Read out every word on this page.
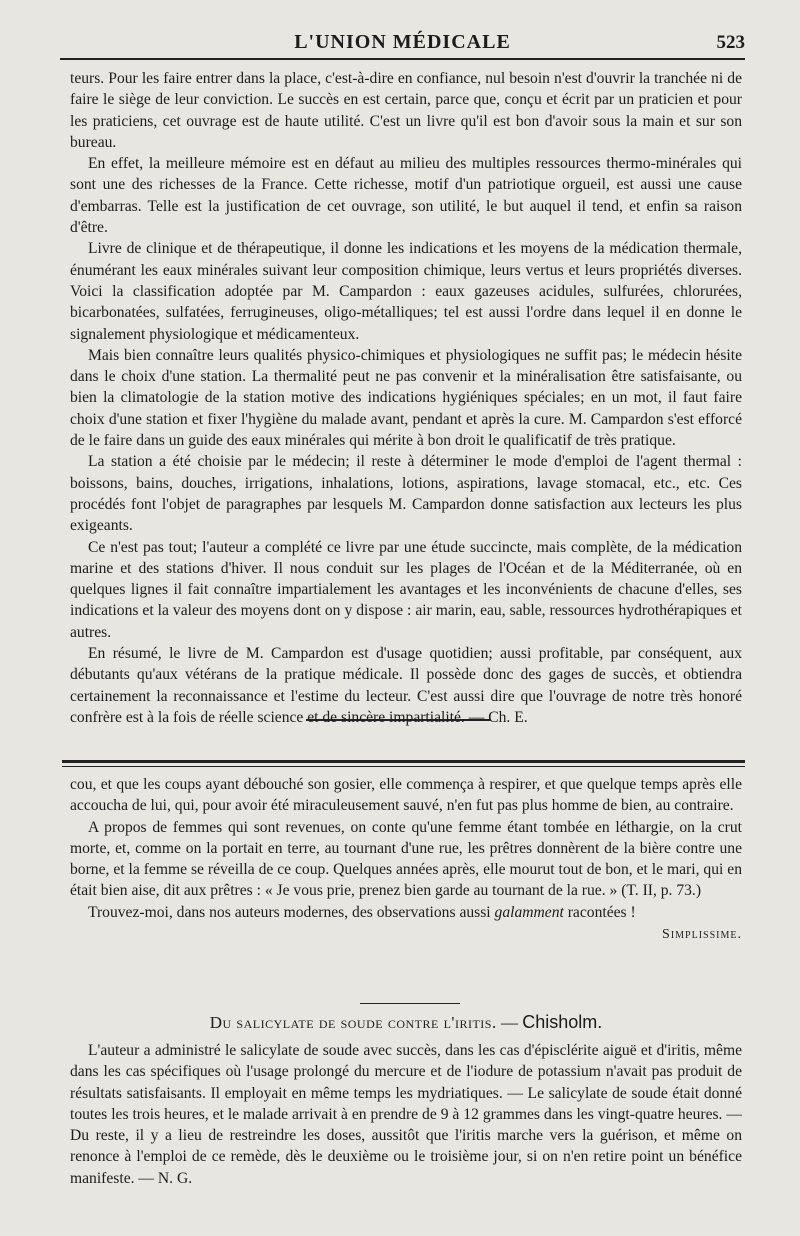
L'UNION MÉDICALE	523

teurs. Pour les faire entrer dans la place, c'est-à-dire en confiance, nul besoin n'est d'ouvrir la tranchée ni de faire le siège de leur conviction. Le succès en est certain, parce que, conçu et écrit par un praticien et pour les praticiens, cet ouvrage est de haute utilité. C'est un livre qu'il est bon d'avoir sous la main et sur son bureau.

En effet, la meilleure mémoire est en défaut au milieu des multiples ressources thermo-minérales qui sont une des richesses de la France. Cette richesse, motif d'un patriotique orgueil, est aussi une cause d'embarras. Telle est la justification de cet ouvrage, son utilité, le but auquel il tend, et enfin sa raison d'être.

Livre de clinique et de thérapeutique, il donne les indications et les moyens de la médication thermale, énumérant les eaux minérales suivant leur composition chimique, leurs vertus et leurs propriétés diverses. Voici la classification adoptée par M. Campardon : eaux gazeuses acidules, sulfurées, chlorurées, bicarbonatées, sulfatées, ferrugineuses, oligo-métalliques; tel est aussi l'ordre dans lequel il en donne le signalement physiologique et médicamenteux.

Mais bien connaître leurs qualités physico-chimiques et physiologiques ne suffit pas; le médecin hésite dans le choix d'une station. La thermalité peut ne pas convenir et la minéralisation être satisfaisante, ou bien la climatologie de la station motive des indications hygiéniques spéciales; en un mot, il faut faire choix d'une station et fixer l'hygiène du malade avant, pendant et après la cure. M. Campardon s'est efforcé de le faire dans un guide des eaux minérales qui mérite à bon droit le qualificatif de très pratique.

La station a été choisie par le médecin; il reste à déterminer le mode d'emploi de l'agent thermal : boissons, bains, douches, irrigations, inhalations, lotions, aspirations, lavage stomacal, etc., etc. Ces procédés font l'objet de paragraphes par lesquels M. Campardon donne satisfaction aux lecteurs les plus exigeants.

Ce n'est pas tout; l'auteur a complété ce livre par une étude succincte, mais complète, de la médication marine et des stations d'hiver. Il nous conduit sur les plages de l'Océan et de la Méditerranée, où en quelques lignes il fait connaître impartialement les avantages et les inconvénients de chacune d'elles, ses indications et la valeur des moyens dont on y dispose : air marin, eau, sable, ressources hydrothérapiques et autres.

En résumé, le livre de M. Campardon est d'usage quotidien; aussi profitable, par conséquent, aux débutants qu'aux vétérans de la pratique médicale. Il possède donc des gages de succès, et obtiendra certainement la reconnaissance et l'estime du lecteur. C'est aussi dire que l'ouvrage de notre très honoré confrère est à la fois de réelle science et de sincère impartialité. — Ch. E.

cou, et que les coups ayant débouché son gosier, elle commença à respirer, et que quelque temps après elle accoucha de lui, qui, pour avoir été miraculeusement sauvé, n'en fut pas plus homme de bien, au contraire.

A propos de femmes qui sont revenues, on conte qu'une femme étant tombée en léthargie, on la crut morte, et, comme on la portait en terre, au tournant d'une rue, les prêtres donnèrent de la bière contre une borne, et la femme se réveilla de ce coup. Quelques années après, elle mourut tout de bon, et le mari, qui en était bien aise, dit aux prêtres : « Je vous prie, prenez bien garde au tournant de la rue. » (T. II, p. 73.)

Trouvez-moi, dans nos auteurs modernes, des observations aussi galamment racontées !

Simplissime.
Du salicylate de soude contre l'iritis. — Chisholm.

L'auteur a administré le salicylate de soude avec succès, dans les cas d'épisclérite aiguë et d'iritis, même dans les cas spécifiques où l'usage prolongé du mercure et de l'iodure de potassium n'avait pas produit de résultats satisfaisants. Il employait en même temps les mydriatiques. — Le salicylate de soude était donné toutes les trois heures, et le malade arrivait à en prendre de 9 à 12 grammes dans les vingt-quatre heures. — Du reste, il y a lieu de restreindre les doses, aussitôt que l'iritis marche vers la guérison, et même on renonce à l'emploi de ce remède, dès le deuxième ou le troisième jour, si on n'en retire point un bénéfice manifeste. — N. G.
